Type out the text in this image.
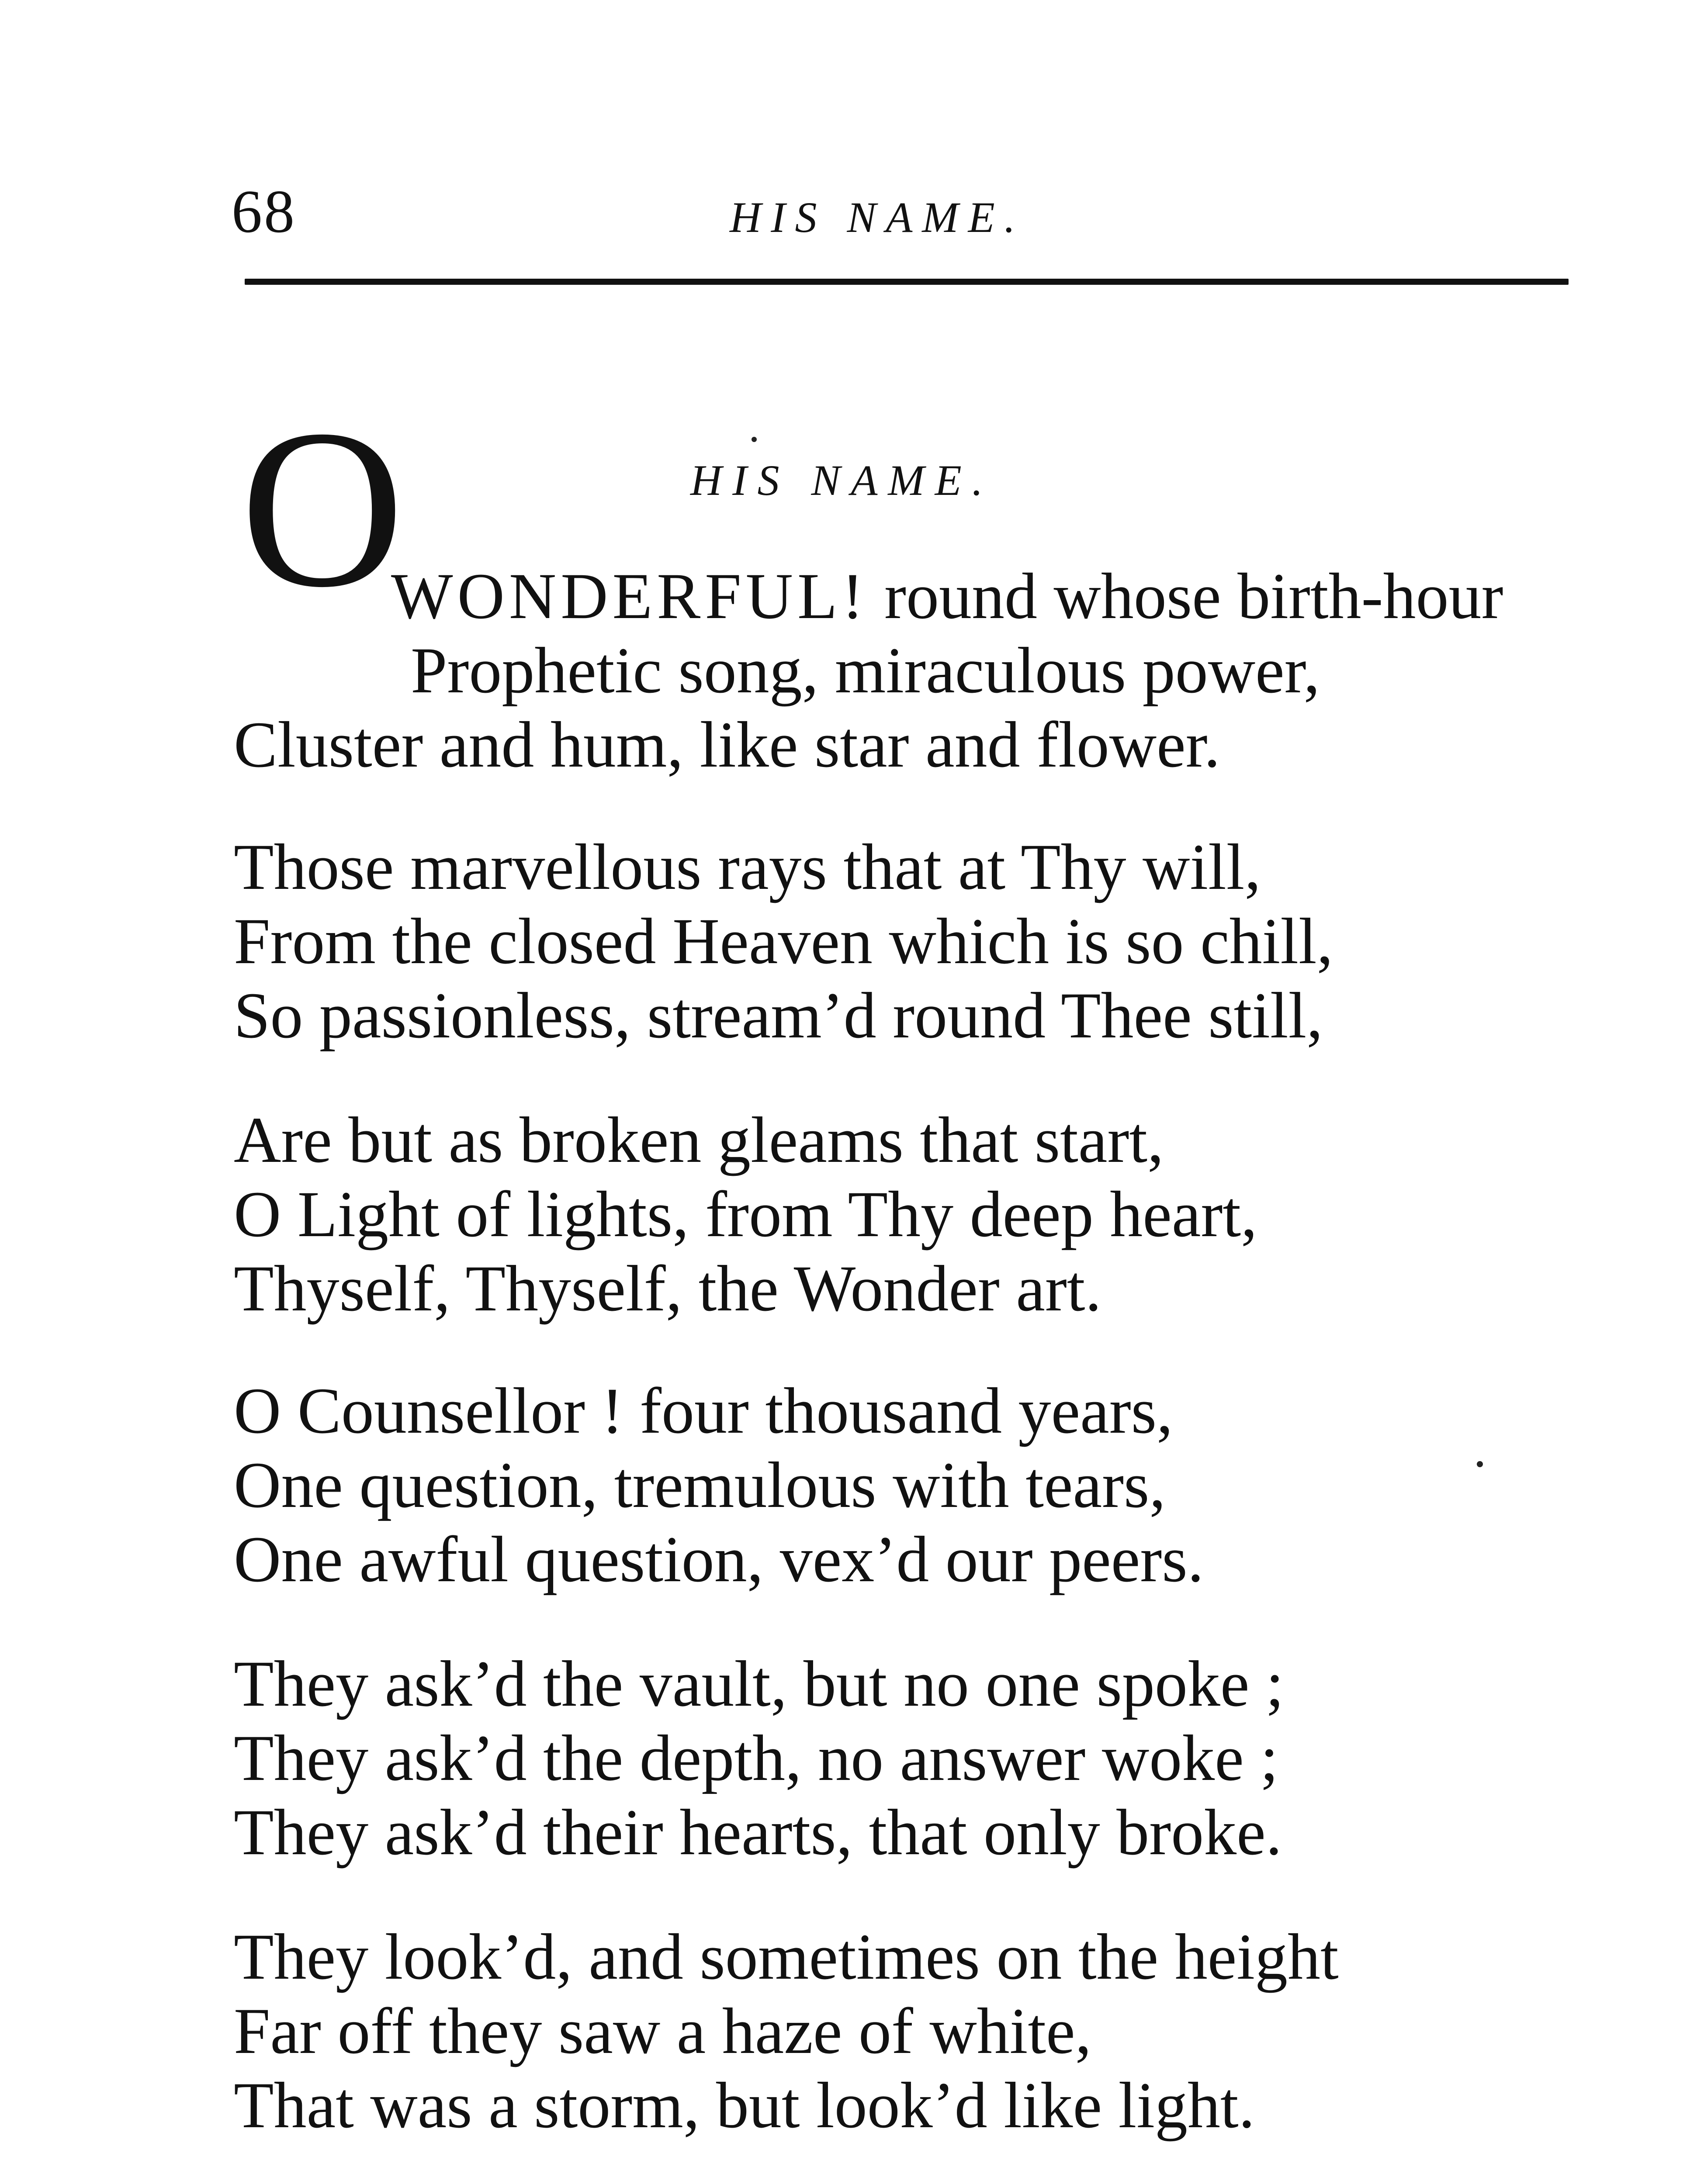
68	HIS NAME.
HIS NAME.
O
WONDERFUL! round whose birth-hour
Prophetic song, miraculous power,
Cluster and hum, like star and flower.
Those marvellous rays that at Thy will,
From the closed Heaven which is so chill,
So passionless, stream’d round Thee still,
Are but as broken gleams that start,
O Light of lights, from Thy deep heart,
Thyself, Thyself, the Wonder art.
O Counsellor ! four thousand years,
One question, tremulous with tears,
One awful question, vex’d our peers.
They ask’d the vault, but no one spoke ;
They ask’d the depth, no answer woke ;
They ask’d their hearts, that only broke.
They look’d, and sometimes on the height
Far off they saw a haze of white,
That was a storm, but look’d like light.
